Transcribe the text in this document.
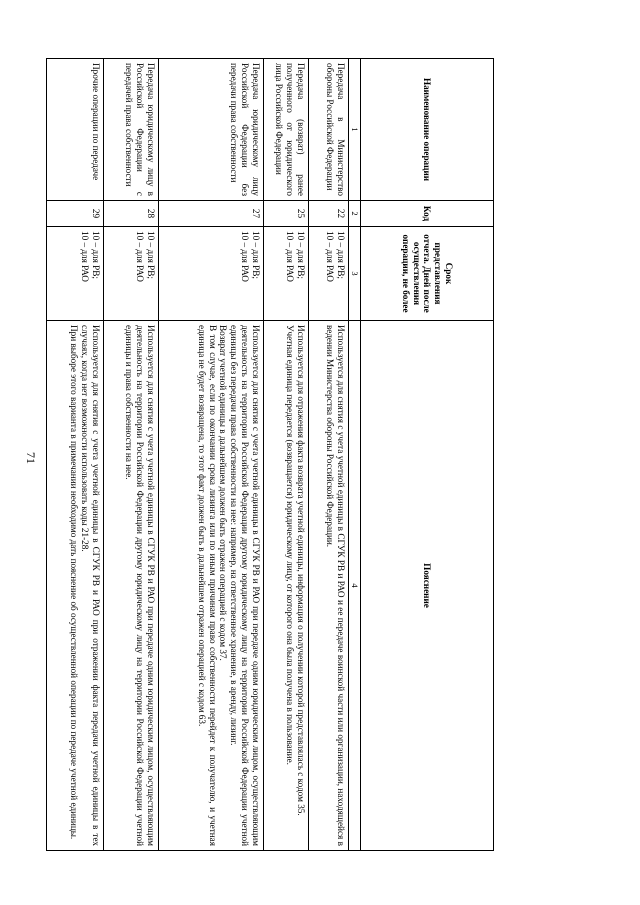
71
Наименование операции	Код	Срок представления отчета. Дней после осуществления операции, не более	Пояснение
1	2	3	4
Передача в Министерство обороны Российской Федерации	22	10 – для РВ;
10 – для РАО	Используется для снятия с учета учетной единицы в СГУК РВ и РАО и ее передаче воинской части или организации, находящейся в ведении Министерства обороны Российской Федерации.

Передача (возврат) ранее полученного от юридического лица Российской Федерации	25	10 – для РВ;
10 – для РАО	Используется для отражения факта возврата учетной единицы, информация о получении которой представлялась с кодом 35.
Учетная единица передается (возвращается) юридическому лицу, от которого она была получена в пользование.

Передача юридическому лицу Российской Федерации без передачи права собственности	27	10 – для РВ;
10 – для РАО	Используется для снятия с учета учетной единицы в СГУК РВ и РАО при передаче одним юридическим лицом, осуществляющим деятельность на территории Российской Федерации другому юридическому лицу на территории Российской Федерации учетной единицы без передачи права собственности на нее: например, на ответственное хранение, в аренду, лизинг.
Возврат учетной единицы в дальнейшем должен быть отражен операцией с кодом 37.
В том случае, если по окончании срока лизинга или по иным причинам право собственности перейдет к получателю, и учетная единица не будет возвращена, то этот факт должен быть в дальнейшем отражен операцией с кодом 63.

Передача юридическому лицу в Российской Федерации с передачей права собственности	28	10 – для РВ;
10 – для РАО	Используется для снятия с учета учетной единицы в СГУК РВ и РАО при передаче одним юридическим лицом, осуществляющим деятельность на территории Российской Федерации другому юридическому лицу на территории Российской Федерации учетной единицы и права собственности на нее.

Прочие операции по передаче	29	10 – для РВ;
10 – для РАО	Используется для снятия с учета учетной единицы в СГУК РВ и РАО при отражении факта передачи учетной единицы в тех случаях, когда нет возможности использовать коды 21-28.
При выборе этого варианта в примечании необходимо дать пояснение об осуществленной операции по передаче учетной единицы.
